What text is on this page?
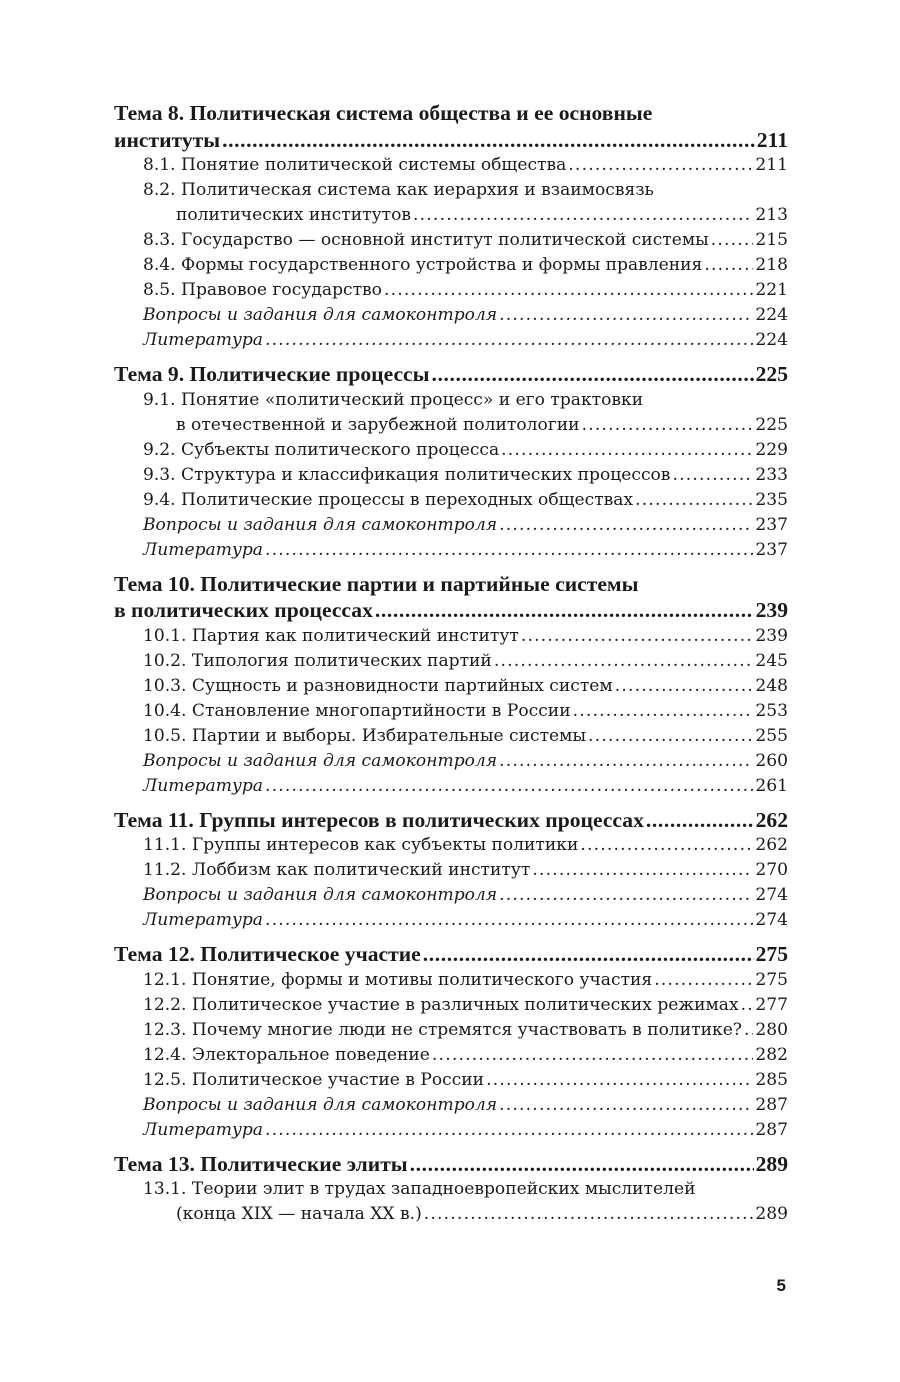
Тема 8. Политическая система общества и ее основные
институты .....	211
8.1. Понятие политической системы общества .....	211
8.2. Политическая система как иерархия и взаимосвязь
политических институтов .....	213
8.3. Государство — основной институт политической системы .....	215
8.4. Формы государственного устройства и формы правления .....	218
8.5. Правовое государство .....	221
Вопросы и задания для самоконтроля .....	224
Литература .....	224
Тема 9. Политические процессы .....	225
9.1. Понятие «политический процесс» и его трактовки
в отечественной и зарубежной политологии .....	225
9.2. Субъекты политического процесса .....	229
9.3. Структура и классификация политических процессов .....	233
9.4. Политические процессы в переходных обществах .....	235
Вопросы и задания для самоконтроля .....	237
Литература .....	237
Тема 10. Политические партии и партийные системы
в политических процессах .....	239
10.1. Партия как политический институт .....	239
10.2. Типология политических партий .....	245
10.3. Сущность и разновидности партийных систем .....	248
10.4. Становление многопартийности в России .....	253
10.5. Партии и выборы. Избирательные системы .....	255
Вопросы и задания для самоконтроля .....	260
Литература .....	261
Тема 11. Группы интересов в политических процессах .....	262
11.1. Группы интересов как субъекты политики .....	262
11.2. Лоббизм как политический институт .....	270
Вопросы и задания для самоконтроля .....	274
Литература .....	274
Тема 12. Политическое участие .....	275
12.1. Понятие, формы и мотивы политического участия .....	275
12.2. Политическое участие в различных политических режимах ..... 277
12.3. Почему многие люди не стремятся участвовать в политике? ..... 280
12.4. Электоральное поведение .....	282
12.5. Политическое участие в России .....	285
Вопросы и задания для самоконтроля .....	287
Литература .....	287
Тема 13. Политические элиты .....	289
13.1. Теории элит в трудах западноевропейских мыслителей
(конца XIX — начала XX в.) .....	289
5
